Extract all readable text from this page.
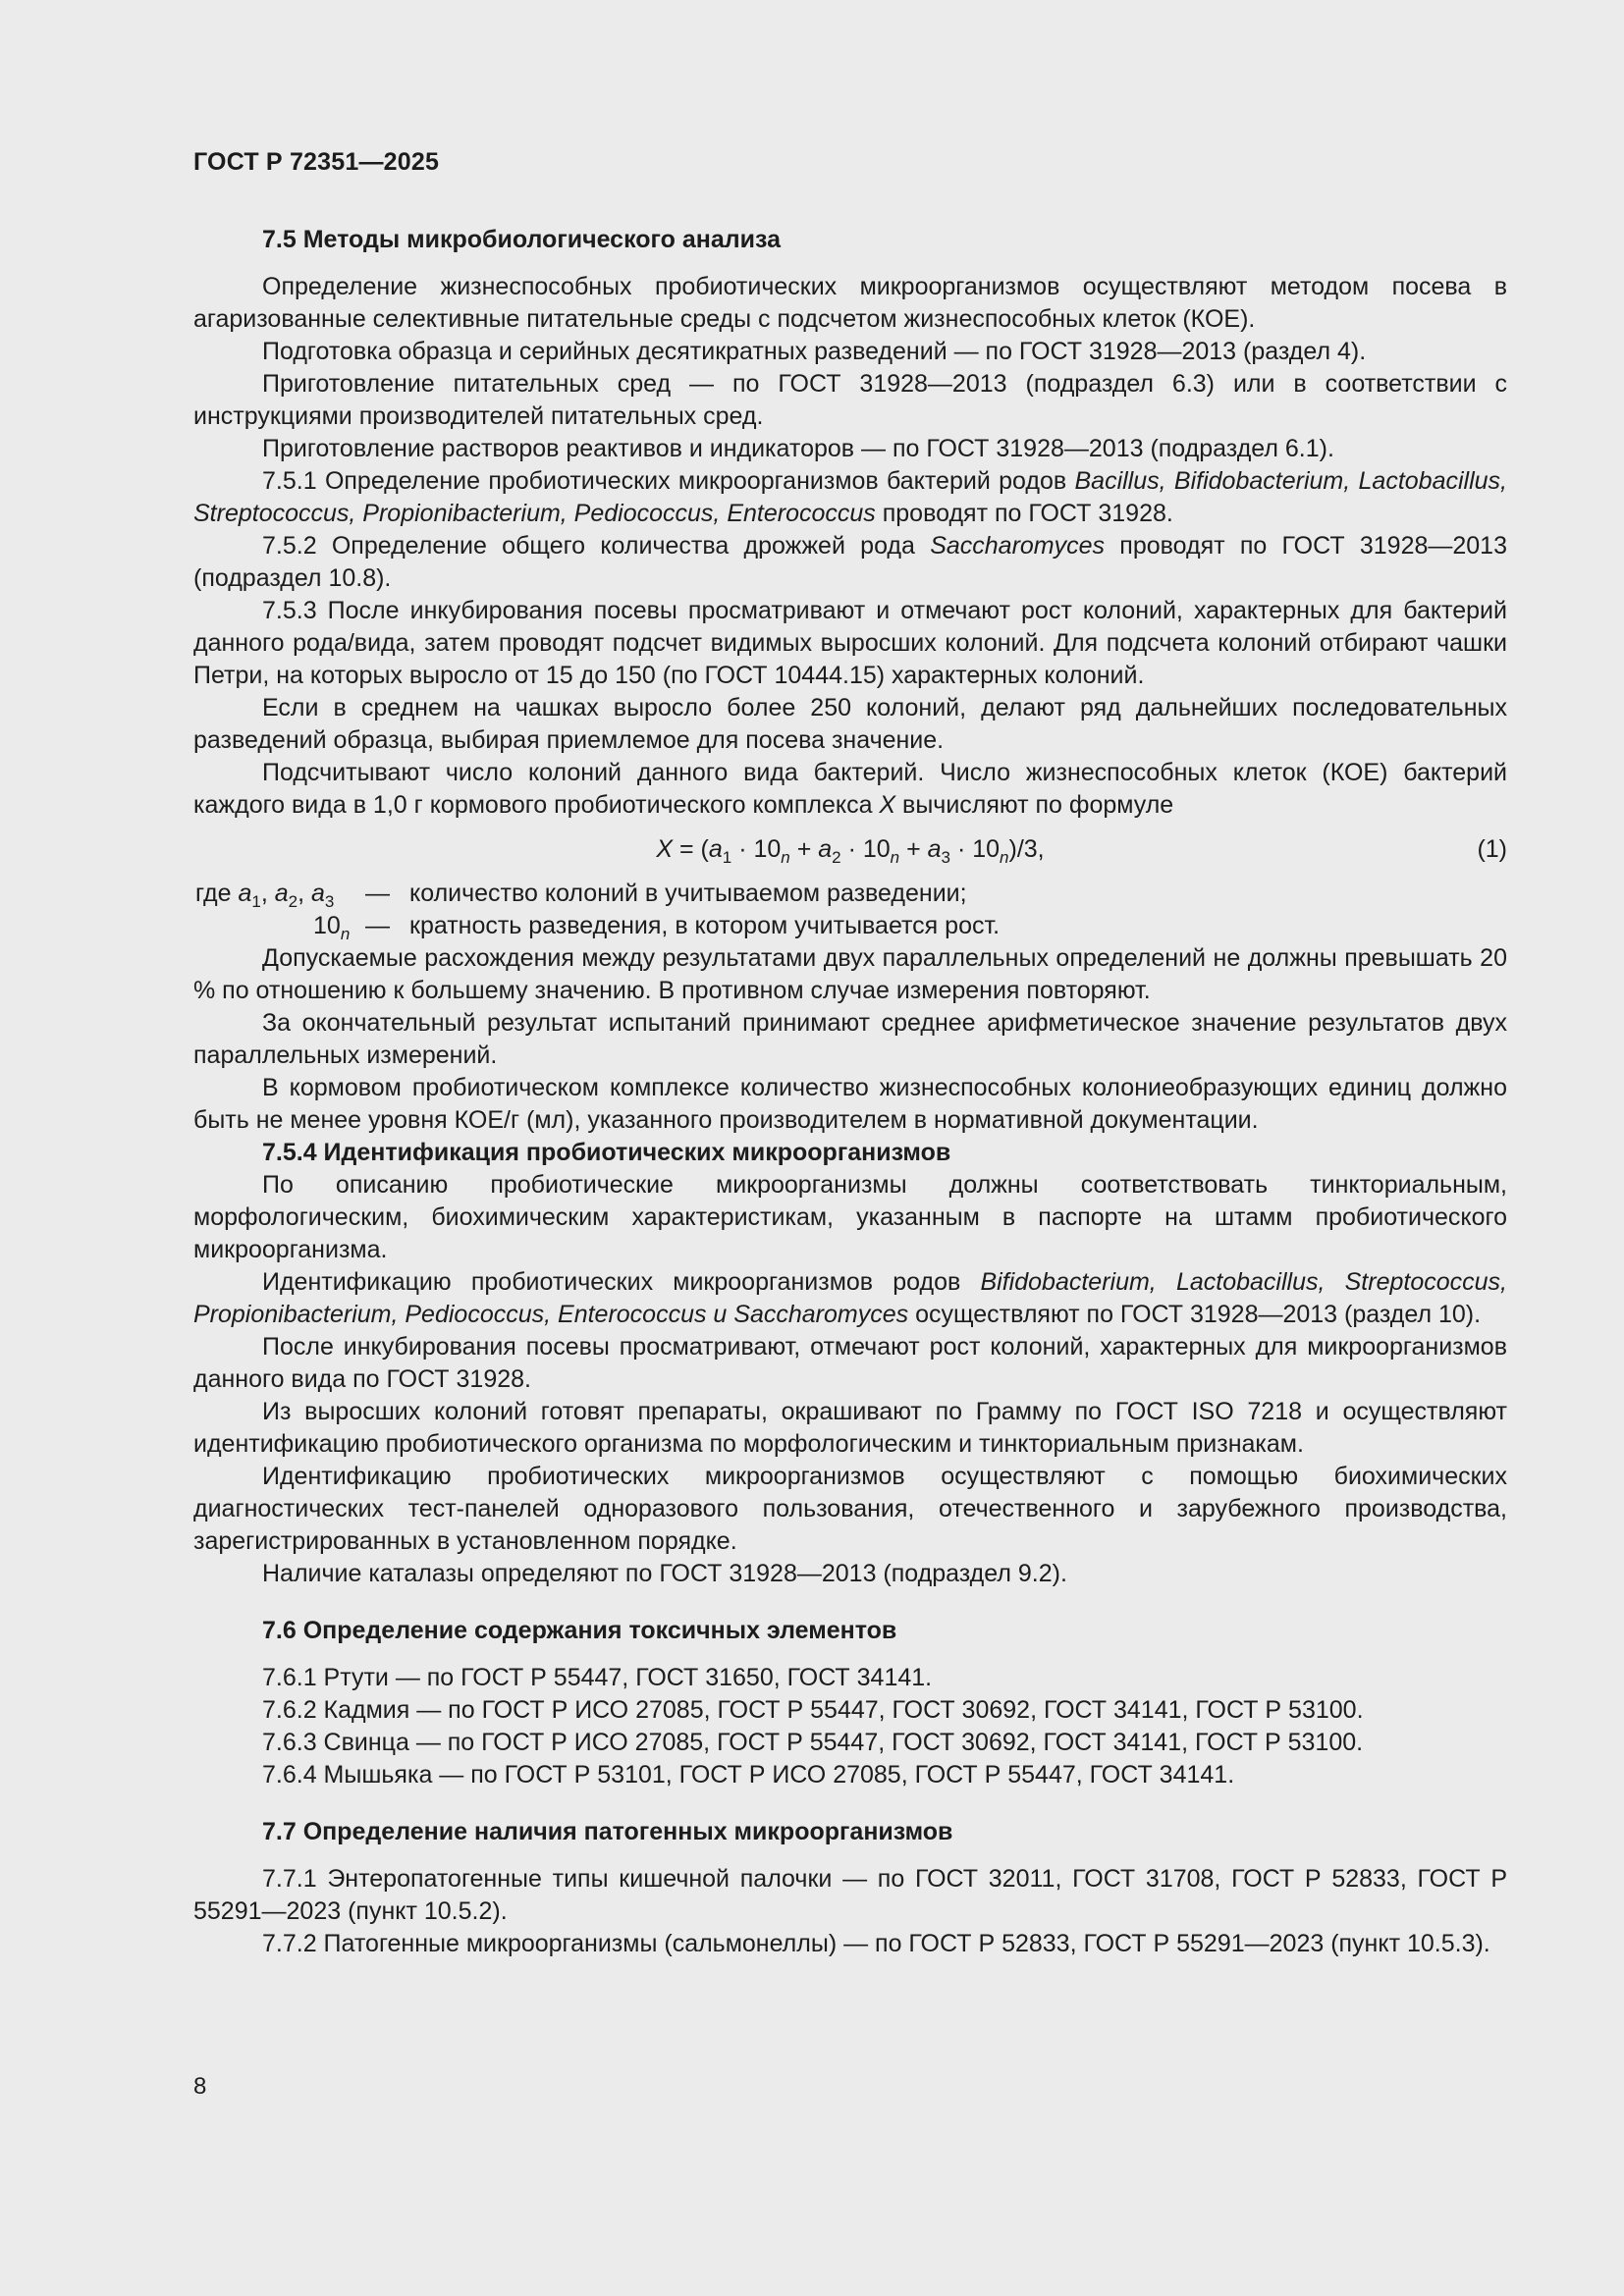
ГОСТ Р 72351—2025
7.5 Методы микробиологического анализа

Определение жизнеспособных пробиотических микроорганизмов осуществляют методом посева в агаризованные селективные питательные среды с подсчетом жизнеспособных клеток (КОЕ).

Подготовка образца и серийных десятикратных разведений — по ГОСТ 31928—2013 (раздел 4).

Приготовление питательных сред — по ГОСТ 31928—2013 (подраздел 6.3) или в соответствии с инструкциями производителей питательных сред.

Приготовление растворов реактивов и индикаторов — по ГОСТ 31928—2013 (подраздел 6.1).

7.5.1 Определение пробиотических микроорганизмов бактерий родов Bacillus, Bifidobacterium, Lactobacillus, Streptococcus, Propionibacterium, Pediococcus, Enterococcus проводят по ГОСТ 31928.

7.5.2 Определение общего количества дрожжей рода Saccharomyces проводят по ГОСТ 31928—2013 (подраздел 10.8).

7.5.3 После инкубирования посевы просматривают и отмечают рост колоний, характерных для бактерий данного рода/вида, затем проводят подсчет видимых выросших колоний. Для подсчета колоний отбирают чашки Петри, на которых выросло от 15 до 150 (по ГОСТ 10444.15) характерных колоний.

Если в среднем на чашках выросло более 250 колоний, делают ряд дальнейших последовательных разведений образца, выбирая приемлемое для посева значение.

Подсчитывают число колоний данного вида бактерий. Число жизнеспособных клеток (КОЕ) бактерий каждого вида в 1,0 г кормового пробиотического комплекса X вычисляют по формуле

$X = (a_1 \cdot 10_n + a_2 \cdot 10_n + a_3 \cdot 10_n)/3$,	(1)
где $a_1$, $a_2$, $a_3$ — количество колоний в учитываемом разведении;
$10_n$ — кратность разведения, в котором учитывается рост.

Допускаемые расхождения между результатами двух параллельных определений не должны превышать 20 % по отношению к большему значению. В противном случае измерения повторяют.

За окончательный результат испытаний принимают среднее арифметическое значение результатов двух параллельных измерений.

В кормовом пробиотическом комплексе количество жизнеспособных колониеобразующих единиц должно быть не менее уровня КОЕ/г (мл), указанного производителем в нормативной документации.

7.5.4 Идентификация пробиотических микроорганизмов

По описанию пробиотические микроорганизмы должны соответствовать тинкториальным, морфологическим, биохимическим характеристикам, указанным в паспорте на штамм пробиотического микроорганизма.

Идентификацию пробиотических микроорганизмов родов Bifidobacterium, Lactobacillus, Streptococcus, Propionibacterium, Pediococcus, Enterococcus и Saccharomyces осуществляют по ГОСТ 31928—2013 (раздел 10).

После инкубирования посевы просматривают, отмечают рост колоний, характерных для микроорганизмов данного вида по ГОСТ 31928.

Из выросших колоний готовят препараты, окрашивают по Грамму по ГОСТ ISO 7218 и осуществляют идентификацию пробиотического организма по морфологическим и тинкториальным признакам.

Идентификацию пробиотических микроорганизмов осуществляют с помощью биохимических диагностических тест-панелей одноразового пользования, отечественного и зарубежного производства, зарегистрированных в установленном порядке.

Наличие каталазы определяют по ГОСТ 31928—2013 (подраздел 9.2).

7.6 Определение содержания токсичных элементов

7.6.1 Ртути — по ГОСТ Р 55447, ГОСТ 31650, ГОСТ 34141.

7.6.2 Кадмия — по ГОСТ Р ИСО 27085, ГОСТ Р 55447, ГОСТ 30692, ГОСТ 34141, ГОСТ Р 53100.

7.6.3 Свинца — по ГОСТ Р ИСО 27085, ГОСТ Р 55447, ГОСТ 30692, ГОСТ 34141, ГОСТ Р 53100.

7.6.4 Мышьяка — по ГОСТ Р 53101, ГОСТ Р ИСО 27085, ГОСТ Р 55447, ГОСТ 34141.

7.7 Определение наличия патогенных микроорганизмов

7.7.1 Энтеропатогенные типы кишечной палочки — по ГОСТ 32011, ГОСТ 31708, ГОСТ Р 52833, ГОСТ Р 55291—2023 (пункт 10.5.2).

7.7.2 Патогенные микроорганизмы (сальмонеллы) — по ГОСТ Р 52833, ГОСТ Р 55291—2023 (пункт 10.5.3).

8
